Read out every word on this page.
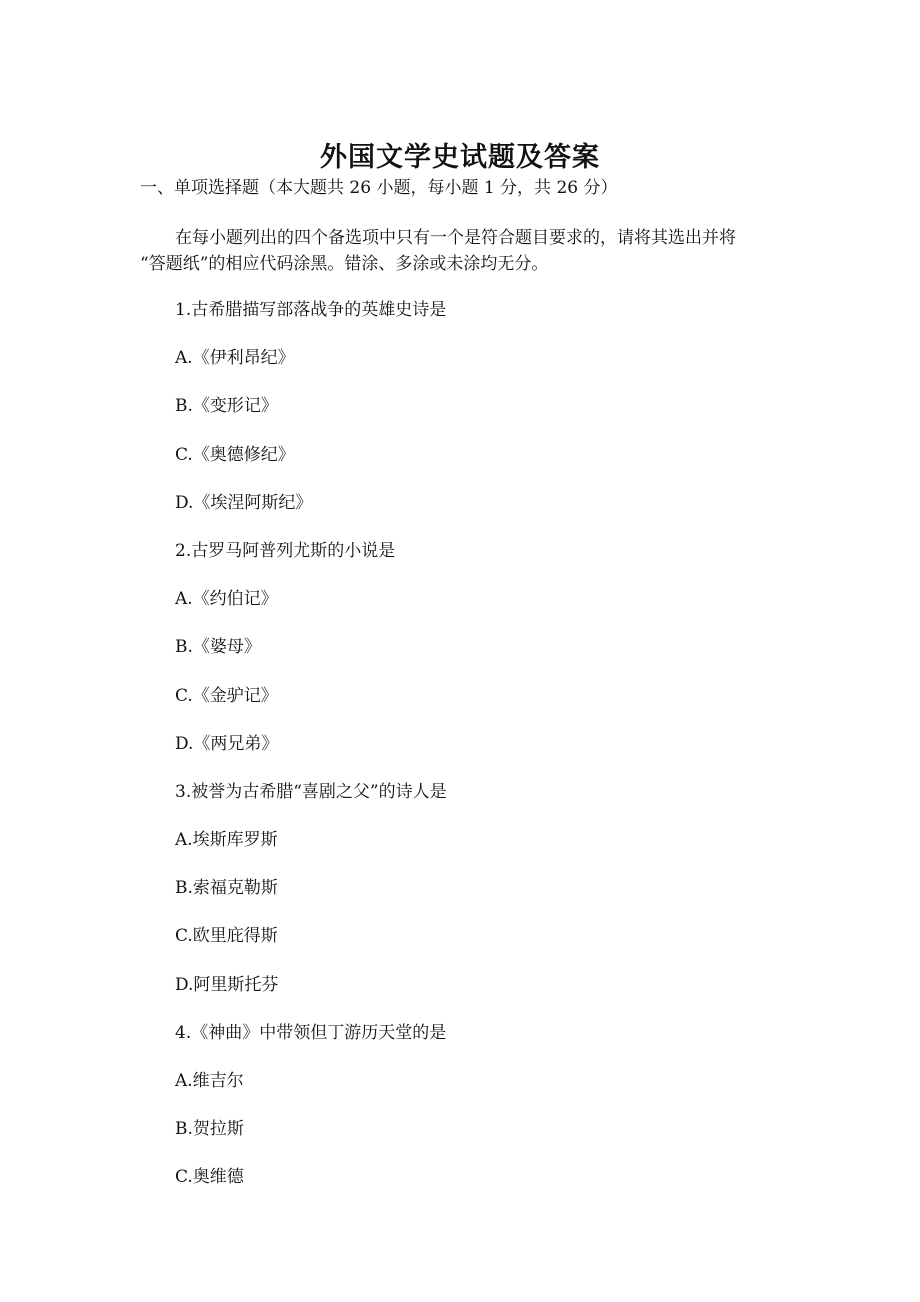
外国文学史试题及答案
一、单项选择题（本大题共 26 小题，每小题 1 分，共 26 分）
在每小题列出的四个备选项中只有一个是符合题目要求的，请将其选出并将
“答题纸”的相应代码涂黑。错涂、多涂或未涂均无分。
1.古希腊描写部落战争的英雄史诗是
A.《伊利昂纪》
B.《变形记》
C.《奥德修纪》
D.《埃涅阿斯纪》
2.古罗马阿普列尤斯的小说是
A.《约伯记》
B.《婆母》
C.《金驴记》
D.《两兄弟》
3.被誉为古希腊“喜剧之父”的诗人是
A.埃斯库罗斯
B.索福克勒斯
C.欧里庇得斯
D.阿里斯托芬
4.《神曲》中带领但丁游历天堂的是
A.维吉尔
B.贺拉斯
C.奥维德
